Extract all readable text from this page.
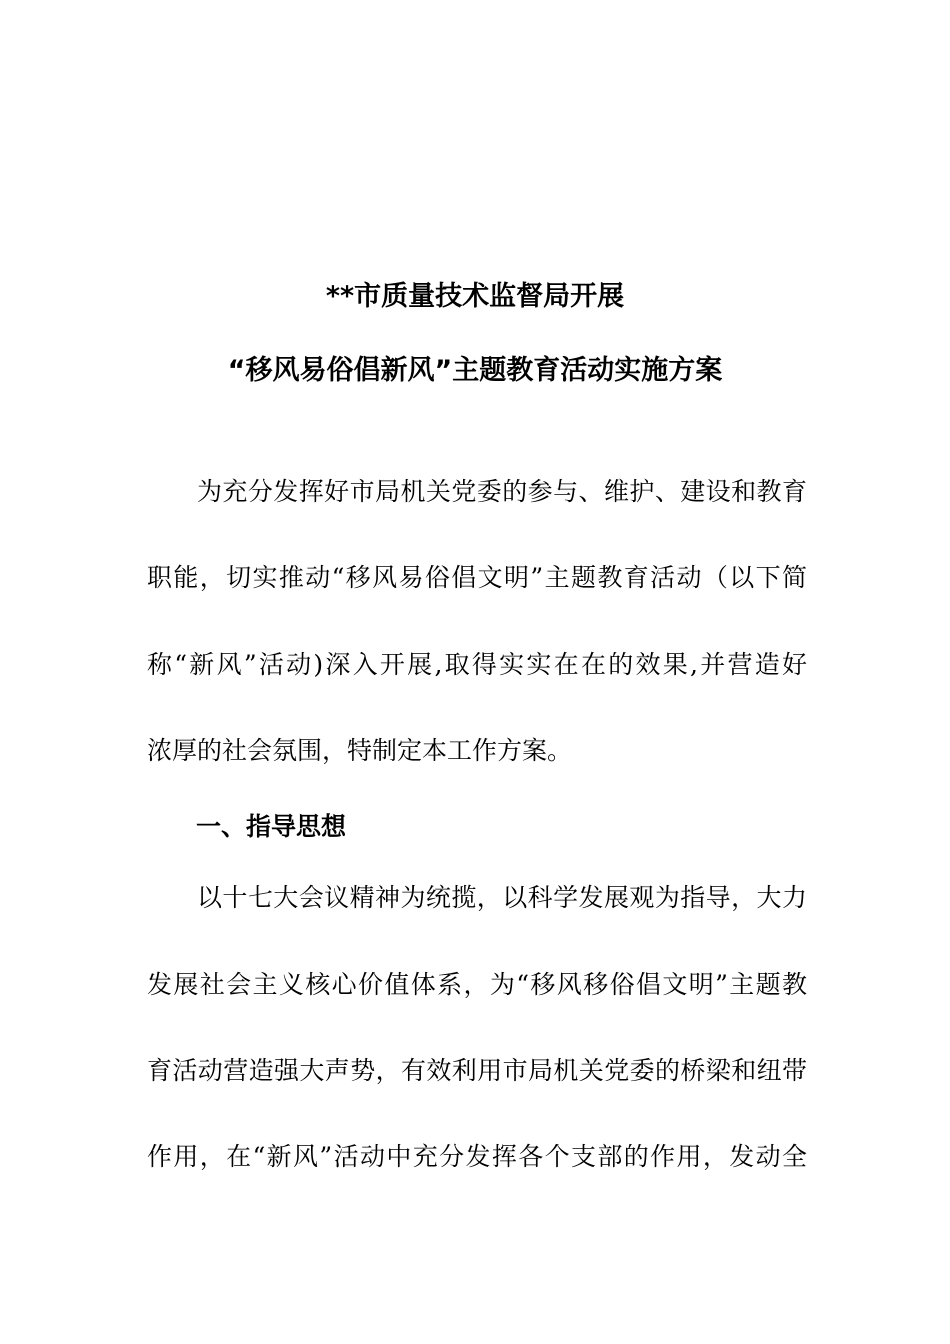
**市质量技术监督局开展
“移风易俗倡新风”主题教育活动实施方案
为充分发挥好市局机关党委的参与、维护、建设和教育
职能，切实推动“移风易俗倡文明”主题教育活动（以下简
称“新风”活动)深入开展,取得实实在在的效果,并营造好
浓厚的社会氛围，特制定本工作方案。
一、指导思想
以十七大会议精神为统揽，以科学发展观为指导，大力
发展社会主义核心价值体系，为“移风移俗倡文明”主题教
育活动营造强大声势，有效利用市局机关党委的桥梁和纽带
作用，在“新风”活动中充分发挥各个支部的作用，发动全
